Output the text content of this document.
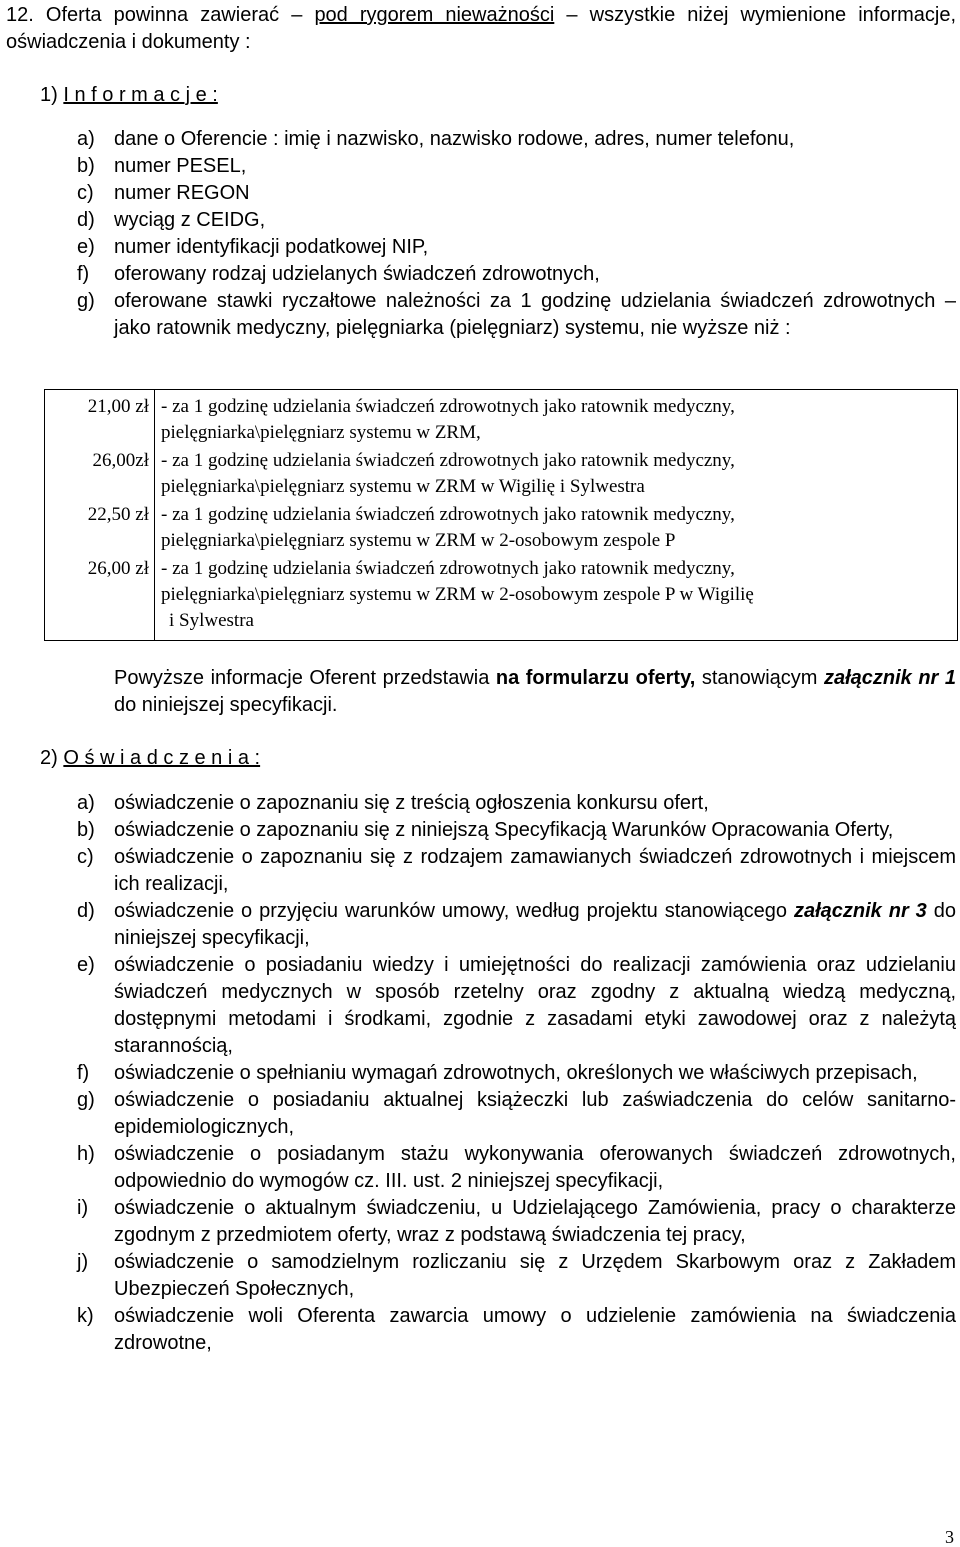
12. Oferta powinna zawierać – pod rygorem nieważności – wszystkie niżej wymienione informacje, oświadczenia i dokumenty :
1) I n f o r m a c j e :
a) dane o Oferencie : imię i nazwisko, nazwisko rodowe, adres, numer telefonu,
b) numer PESEL,
c) numer REGON
d) wyciąg z CEIDG,
e) numer identyfikacji podatkowej NIP,
f) oferowany rodzaj udzielanych świadczeń zdrowotnych,
g) oferowane stawki ryczałtowe należności za 1 godzinę udzielania świadczeń zdrowotnych – jako ratownik medyczny, pielęgniarka (pielęgniarz) systemu, nie wyższe niż :
21,00 zł - za 1 godzinę udzielania świadczeń zdrowotnych jako ratownik medyczny,
pielęgniarka\pielęgniarz systemu w ZRM,
26,00zł - za 1 godzinę udzielania świadczeń zdrowotnych jako ratownik medyczny,
pielęgniarka\pielęgniarz systemu w ZRM w Wigilię i Sylwestra
22,50 zł - za 1 godzinę udzielania świadczeń zdrowotnych jako ratownik medyczny,
pielęgniarka\pielęgniarz systemu w ZRM w 2-osobowym zespole P
26,00 zł - za 1 godzinę udzielania świadczeń zdrowotnych jako ratownik medyczny,
pielęgniarka\pielęgniarz systemu w ZRM w 2-osobowym zespole P w Wigilię
i Sylwestra
Powyższe informacje Oferent przedstawia na formularzu oferty, stanowiącym załącznik nr 1 do niniejszej specyfikacji.
2) O ś w i a d c z e n i a :
a) oświadczenie o zapoznaniu się z treścią ogłoszenia konkursu ofert,
b) oświadczenie o zapoznaniu się z niniejszą Specyfikacją Warunków Opracowania Oferty,
c) oświadczenie o zapoznaniu się z rodzajem zamawianych świadczeń zdrowotnych i miejscem ich realizacji,
d) oświadczenie o przyjęciu warunków umowy, według projektu stanowiącego załącznik nr 3 do niniejszej specyfikacji,
e) oświadczenie o posiadaniu wiedzy i umiejętności do realizacji zamówienia oraz udzielaniu świadczeń medycznych w sposób rzetelny oraz zgodny z aktualną wiedzą medyczną, dostępnymi metodami i środkami, zgodnie z zasadami etyki zawodowej oraz z należytą starannością,
f) oświadczenie o spełnianiu wymagań zdrowotnych, określonych we właściwych przepisach,
g) oświadczenie o posiadaniu aktualnej książeczki lub zaświadczenia do celów sanitarno-epidemiologicznych,
h) oświadczenie o posiadanym stażu wykonywania oferowanych świadczeń zdrowotnych, odpowiednio do wymogów cz. III. ust. 2 niniejszej specyfikacji,
i) oświadczenie o aktualnym świadczeniu, u Udzielającego Zamówienia, pracy o charakterze zgodnym z przedmiotem oferty, wraz z podstawą świadczenia tej pracy,
j) oświadczenie o samodzielnym rozliczaniu się z Urzędem Skarbowym oraz z Zakładem Ubezpieczeń Społecznych,
k) oświadczenie woli Oferenta zawarcia umowy o udzielenie zamówienia na świadczenia zdrowotne,
3
